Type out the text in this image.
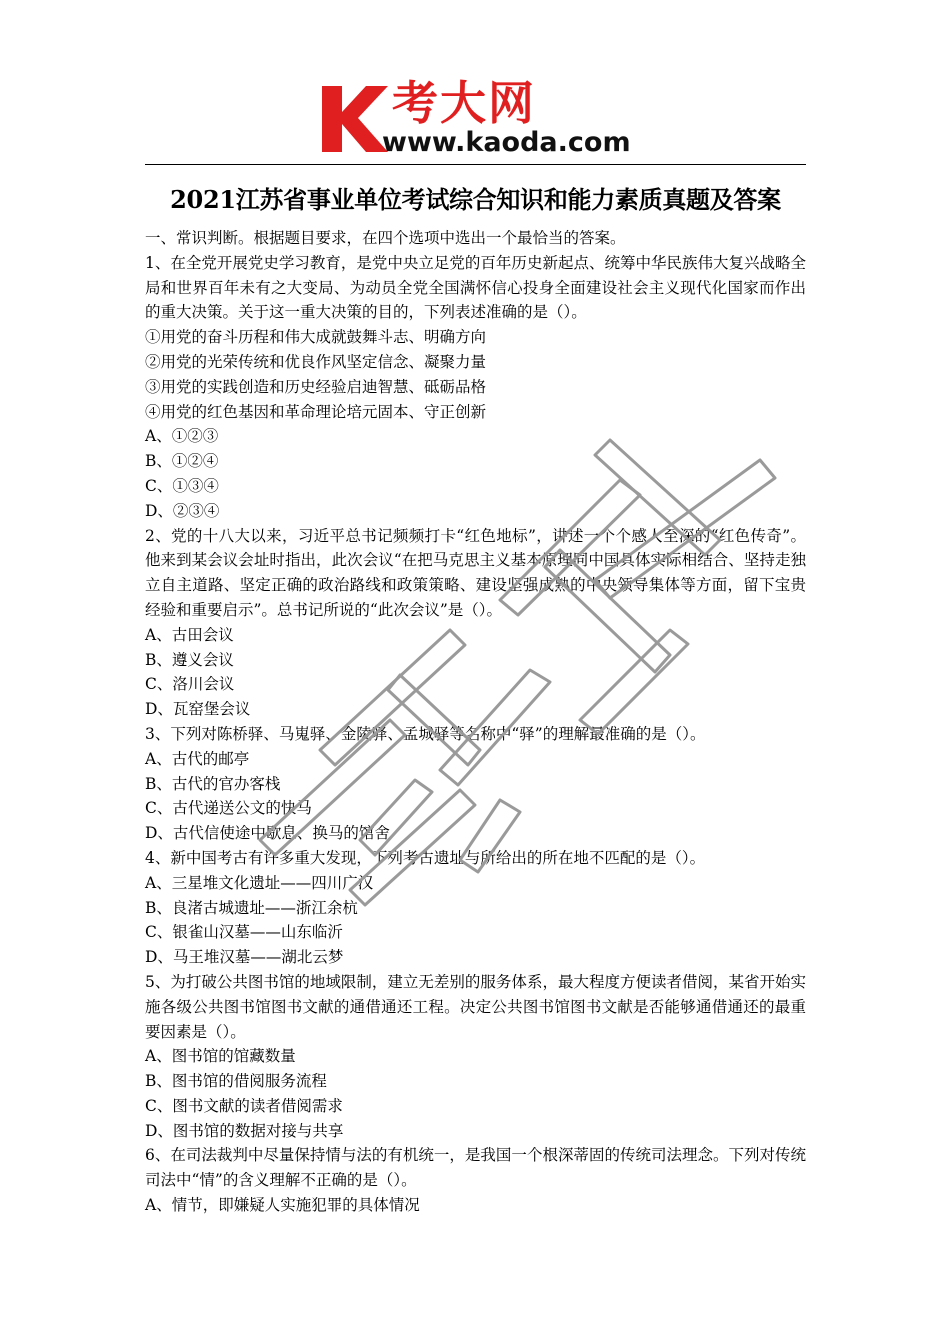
考大网
www.kaoda.com
2021江苏省事业单位考试综合知识和能力素质真题及答案

一、常识判断。根据题目要求，在四个选项中选出一个最恰当的答案。

1、在全党开展党史学习教育，是党中央立足党的百年历史新起点、统筹中华民族伟大复兴战略全局和世界百年未有之大变局、为动员全党全国满怀信心投身全面建设社会主义现代化国家而作出的重大决策。关于这一重大决策的目的，下列表述准确的是（）。

①用党的奋斗历程和伟大成就鼓舞斗志、明确方向

②用党的光荣传统和优良作风坚定信念、凝聚力量

③用党的实践创造和历史经验启迪智慧、砥砺品格

④用党的红色基因和革命理论培元固本、守正创新

A、①②③

B、①②④

C、①③④

D、②③④

2、党的十八大以来，习近平总书记频频打卡“红色地标”，讲述一个个感人至深的“红色传奇”。他来到某会议会址时指出，此次会议“在把马克思主义基本原理同中国具体实际相结合、坚持走独立自主道路、坚定正确的政治路线和政策策略、建设坚强成熟的中央领导集体等方面，留下宝贵经验和重要启示”。总书记所说的“此次会议”是（）。

A、古田会议

B、遵义会议

C、洛川会议

D、瓦窑堡会议

3、下列对陈桥驿、马嵬驿、金陵驿、孟城驿等名称中“驿”的理解最准确的是（）。

A、古代的邮亭

B、古代的官办客栈

C、古代递送公文的快马

D、古代信使途中歇息、换马的馆舍

4、新中国考古有许多重大发现，下列考古遗址与所给出的所在地不匹配的是（）。

A、三星堆文化遗址——四川广汉

B、良渚古城遗址——浙江余杭

C、银雀山汉墓——山东临沂

D、马王堆汉墓——湖北云梦

5、为打破公共图书馆的地域限制，建立无差别的服务体系，最大程度方便读者借阅，某省开始实施各级公共图书馆图书文献的通借通还工程。决定公共图书馆图书文献是否能够通借通还的最重要因素是（）。

A、图书馆的馆藏数量

B、图书馆的借阅服务流程

C、图书文献的读者借阅需求

D、图书馆的数据对接与共享

6、在司法裁判中尽量保持情与法的有机统一，是我国一个根深蒂固的传统司法理念。下列对传统司法中“情”的含义理解不正确的是（）。

A、情节，即嫌疑人实施犯罪的具体情况
